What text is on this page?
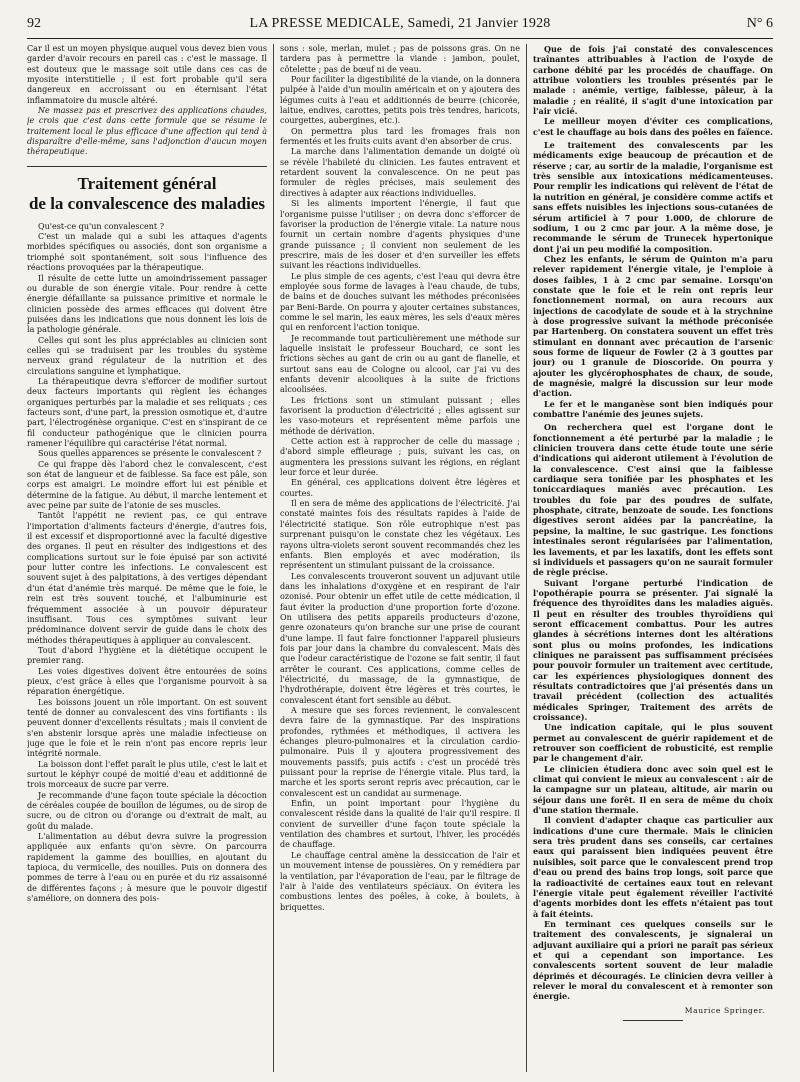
92	LA PRESSE MEDICALE, Samedi, 21 Janvier 1928	N° 6

Car il est un moyen physique auquel vous devez bien vous garder d'avoir recours en pareil cas : c'est le massage. Il est douteux que le massage soit utile dans ces cas de myosite interstitielle ; il est fort probable qu'il sera dangereux en accroissant ou en éternisant l'état inflammatoire du muscle altéré.

Ne massez pas et prescrivez des applications chaudes, je crois que c'est dans cette formule que se résume le traitement local le plus efficace d'une affection qui tend à disparaître d'elle-même, sans l'adjonction d'aucun moyen thérapeutique.

Traitement général
de la convalescence des maladies

Qu'est-ce qu'un convalescent ?

C'est un malade qui a subi les attaques d'agents morbides spécifiques ou associés, dont son organisme a triomphé soit spontanément, soit sous l'influence des réactions provoquées par la thérapeutique.

Il résulte de cette lutte un amoindrissement passager ou durable de son énergie vitale. Pour rendre à cette énergie défaillante sa puissance primitive et normale le clinicien possède des armes efficaces qui doivent être puisées dans les indications que nous donnent les lois de la pathologie générale.

Celles qui sont les plus appréciables au clinicien sont celles qui se traduisent par les troubles du système nerveux grand régulateur de la nutrition et des circulations sanguine et lymphatique.

La thérapeutique devra s'efforcer de modifier surtout deux facteurs importants qui règlent les échanges organiques perturbés par la maladie et ses reliquats ; ces facteurs sont, d'une part, la pression osmotique et, d'autre part, l'électrogénèse organique. C'est en s'inspirant de ce fil conducteur pathogénique que le clinicien pourra ramener l'équilibre qui caractérise l'état normal.

Sous quelles apparences se présente le convalescent ?

Ce qui frappe dès l'abord chez le convalescent, c'est son état de langueur et de faiblesse. Sa face est pâle, son corps est amaigri. Le moindre effort lui est pénible et détermine de la fatigue. Au début, il marche lentement et avec peine par suite de l'atonie de ses muscles.

Tantôt l'appétit ne revient pas, ce qui entrave l'importation d'aliments facteurs d'énergie, d'autres fois, il est excessif et disproportionné avec la faculté digestive des organes. Il peut en résulter des indigestions et des complications surtout sur le foie épuisé par son activité pour lutter contre les infections. Le convalescent est souvent sujet à des palpitations, à des vertiges dépendant d'un état d'anémie très marqué. De même que le foie, le rein est très souvent touché, et l'albuminurie est fréquemment associée à un pouvoir dépurateur insuffisant. Tous ces symptômes suivant leur prédominance doivent servir de guide dans le choix des méthodes thérapeutiques à appliquer au convalescent.

Tout d'abord l'hygiène et la diététique occupent le premier rang.

Les voies digestives doivent être entourées de soins pieux, c'est grâce à elles que l'organisme pourvoit à sa réparation énergétique.

Les boissons jouent un rôle important. On est souvent tenté de donner au convalescent des vins fortifiants : ils peuvent donner d'excellents résultats ; mais il convient de s'en abstenir lorsque après une maladie infectieuse on juge que le foie et le rein n'ont pas encore repris leur intégrité normale.

La boisson dont l'effet paraît le plus utile, c'est le lait et surtout le képhyr coupé de moitié d'eau et additionné de trois morceaux de sucre par verre.

Je recommande d'une façon toute spéciale la décoction de céréales coupée de bouillon de légumes, ou de sirop de sucre, ou de citron ou d'orange ou d'extrait de malt, au goût du malade.

L'alimentation au début devra suivre la progression appliquée aux enfants qu'on sèvre. On parcourra rapidement la gamme des bouillies, en ajoutant du tapioca, du vermicelle, des nouilles. Puis on donnera des pommes de terre à l'eau ou en purée et du riz assaisonné de différentes façons ; à mesure que le pouvoir digestif s'améliore, on donnera des pois-

sons : sole, merlan, mulet ; pas de poissons gras. On ne tardera pas à permettre la viande : jambon, poulet, côtelette ; pas de bœuf ni de veau.

Pour faciliter la digestibilité de la viande, on la donnera pulpée à l'aide d'un moulin américain et on y ajoutera des légumes cuits à l'eau et additionnés de beurre (chicorée, laitue, endives, carottes, petits pois très tendres, haricots, courgettes, aubergines, etc.).

On permettra plus tard les fromages frais non fermentés et les fruits cuits avant d'en absorber de crus.

La marche dans l'alimentation demande un doigté où se révèle l'habileté du clinicien. Les fautes entravent et retardent souvent la convalescence. On ne peut pas formuler de règles précises, mais seulement des directives à adapter aux réactions individuelles.

Si les aliments importent l'énergie, il faut que l'organisme puisse l'utiliser ; on devra donc s'efforcer de favoriser la production de l'énergie vitale. La nature nous fournit un certain nombre d'agents physiques d'une grande puissance ; il convient non seulement de les prescrire, mais de les doser et d'en surveiller les effets suivant les réactions individuelles.

Le plus simple de ces agents, c'est l'eau qui devra être employée sous forme de lavages à l'eau chaude, de tubs, de bains et de douches suivant les méthodes préconisées par Beni-Barde. On pourra y ajouter certaines substances, comme le sel marin, les eaux mères, les sels d'eaux mères qui en renforcent l'action tonique.

Je recommande tout particulièrement une méthode sur laquelle insistait le professeur Bouchard, ce sont les frictions sèches au gant de crin ou au gant de flanelle, et surtout sans eau de Cologne ou alcool, car j'ai vu des enfants devenir alcooliques à la suite de frictions alcoolisées.

Les frictions sont un stimulant puissant ; elles favorisent la production d'électricité ; elles agissent sur les vaso-moteurs et représentent même parfois une méthode de dérivation.

Cette action est à rapprocher de celle du massage ; d'abord simple effleurage ; puis, suivant les cas, on augmentera les pressions suivant les régions, en réglant leur force et leur durée.

En général, ces applications doivent être légères et courtes.

Il en sera de même des applications de l'électricité. J'ai constaté maintes fois des résultats rapides à l'aide de l'électricité statique. Son rôle eutrophique n'est pas surprenant puisqu'on le constate chez les végétaux. Les rayons ultra-violets seront souvent recommandés chez les enfants. Bien employés et avec modération, ils représentent un stimulant puissant de la croissance.

Les convalescents trouveront souvent un adjuvant utile dans les inhalations d'oxygène et en respirant de l'air ozonisé. Pour obtenir un effet utile de cette médication, il faut éviter la production d'une proportion forte d'ozone. On utilisera des petits appareils producteurs d'ozone, genre ozonateurs qu'on branche sur une prise de courant d'une lampe. Il faut faire fonctionner l'appareil plusieurs fois par jour dans la chambre du convalescent. Mais dès que l'odeur caractéristique de l'ozone se fait sentir, il faut arrêter le courant. Ces applications, comme celles de l'électricité, du massage, de la gymnastique, de l'hydrothérapie, doivent être légères et très courtes, le convalescent étant fort sensible au début.

A mesure que ses forces reviennent, le convalescent devra faire de la gymnastique. Par des inspirations profondes, rythmées et méthodiques, il activera les échanges pleuro-pulmonaires et la circulation cardio-pulmonaire. Puis il y ajoutera progressivement des mouvements passifs, puis actifs : c'est un procédé très puissant pour la reprise de l'énergie vitale. Plus tard, la marche et les sports seront repris avec précaution, car le convalescent est un candidat au surmenage.

Enfin, un point important pour l'hygiène du convalescent réside dans la qualité de l'air qu'il respire. Il convient de surveiller d'une façon toute spéciale la ventilation des chambres et surtout, l'hiver, les procédés de chauffage.

Le chauffage central amène la dessiccation de l'air et un mouvement intense de poussières. On y remédiera par la ventilation, par l'évaporation de l'eau, par le filtrage de l'air à l'aide des ventilateurs spéciaux. On évitera les combustions lentes des poêles, à coke, à boulets, à briquettes.

Que de fois j'ai constaté des convalescences traînantes attribuables à l'action de l'oxyde de carbone débité par les procédés de chauffage. On attribue volontiers les troubles présentés par le malade : anémie, vertige, faiblesse, pâleur, à la maladie ; en réalité, il s'agit d'une intoxication par l'air vicié.

Le meilleur moyen d'éviter ces complications, c'est le chauffage au bois dans des poêles en faïence.

Le traitement des convalescents par les médicaments exige beaucoup de précaution et de réserve ; car, au sortir de la maladie, l'organisme est très sensible aux intoxications médicamenteuses. Pour remplir les indications qui relèvent de l'état de la nutrition en général, je considère comme actifs et sans effets nuisibles les injections sous-cutanées de sérum artificiel à 7 pour 1.000, de chlorure de sodium, 1 ou 2 cmc par jour. A la même dose, je recommande le sérum de Trunecek hypertonique dont j'ai un peu modifié la composition.

Chez les enfants, le sérum de Quinton m'a paru relever rapidement l'énergie vitale, je l'emploie à doses faibles, 1 à 2 cmc par semaine. Lorsqu'on constate que le foie et le rein ont repris leur fonctionnement normal, on aura recours aux injections de cacodylate de soude et à la strychnine à dose progressive suivant la méthode préconisée par Hartenberg. On constatera souvent un effet très stimulant en donnant avec précaution de l'arsenic sous forme de liqueur de Fowler (2 à 3 gouttes par jour) ou 1 granule de Dioscoride. On pourra y ajouter les glycérophosphates de chaux, de soude, de magnésie, malgré la discussion sur leur mode d'action.

Le fer et le manganèse sont bien indiqués pour combattre l'anémie des jeunes sujets.

On recherchera quel est l'organe dont le fonctionnement a été perturbé par la maladie ; le clinicien trouvera dans cette étude toute une série d'indications qui aideront utilement à l'évolution de la convalescence. C'est ainsi que la faiblesse cardiaque sera tonifiée par les phosphates et les toniccardiaques maniés avec précaution. Les troubles du foie par des poudres de sulfate, phosphate, citrate, benzoate de soude. Les fonctions digestives seront aidées par la pancréatine, la pepsine, la maltine, le suc gastrique. Les fonctions intestinales seront régularisées par l'alimentation, les lavements, et par les laxatifs, dont les effets sont si individuels et passagers qu'on ne saurait formuler de règle précise.

Suivant l'organe perturbé l'indication de l'opothérapie pourra se présenter. J'ai signalé la fréquence des thyroïdites dans les maladies aiguës. Il peut en résulter des troubles thyroïdiens qui seront efficacement combattus. Pour les autres glandes à sécrétions internes dont les altérations sont plus ou moins profondes, les indications cliniques ne paraissent pas suffisamment précisées pour pouvoir formuler un traitement avec certitude, car les expériences physiologiques donnent des résultats contradictoires que j'ai présentés dans un travail précédent (collection des actualités médicales Springer, Traitement des arrêts de croissance).

Une indication capitale, qui le plus souvent permet au convalescent de guérir rapidement et de retrouver son coefficient de robusticité, est remplie par le changement d'air.

Le clinicien étudiera donc avec soin quel est le climat qui convient le mieux au convalescent : air de la campagne sur un plateau, altitude, air marin ou séjour dans une forêt. Il en sera de même du choix d'une station thermale.

Il convient d'adapter chaque cas particulier aux indications d'une cure thermale. Mais le clinicien sera très prudent dans ses conseils, car certaines eaux qui paraissent bien indiquées peuvent être nuisibles, soit parce que le convalescent prend trop d'eau ou prend des bains trop longs, soit parce que la radioactivité de certaines eaux tout en relevant l'énergie vitale peut également réveiller l'activité d'agents morbides dont les effets n'étaient pas tout à fait éteints.

En terminant ces quelques conseils sur le traitement des convalescents, je signalerai un adjuvant auxiliaire qui a priori ne paraît pas sérieux et qui a cependant son importance. Les convalescents sortent souvent de leur maladie déprimés et découragés. Le clinicien devra veiller à relever le moral du convalescent et à remonter son énergie.

Maurice Springer.
